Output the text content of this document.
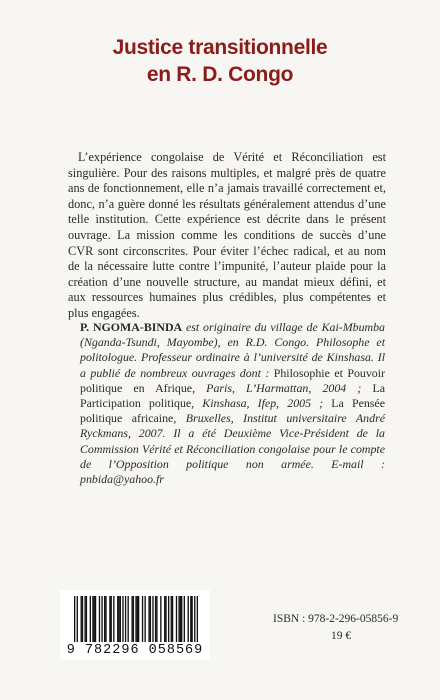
Justice transitionnelle
en R. D. Congo

L’expérience congolaise de Vérité et Réconciliation est singulière. Pour des raisons multiples, et malgré près de quatre ans de fonctionnement, elle n’a jamais travaillé correctement et, donc, n’a guère donné les résultats généralement attendus d’une telle institution. Cette expérience est décrite dans le présent ouvrage. La mission comme les conditions de succès d’une CVR sont circonscrites. Pour éviter l’échec radical, et au nom de la nécessaire lutte contre l’impunité, l’auteur plaide pour la création d’une nouvelle structure, au mandat mieux défini, et aux ressources humaines plus crédibles, plus compétentes et plus engagées.

P. NGOMA-BINDA est originaire du village de Kai-Mbumba (Nganda-Tsundi, Mayombe), en R.D. Congo. Philosophe et politologue. Professeur ordinaire à l’université de Kinshasa. Il a publié de nombreux ouvrages dont : Philosophie et Pouvoir politique en Afrique, Paris, L’Harmattan, 2004 ; La Participation politique, Kinshasa, Ifep, 2005 ; La Pensée politique africaine, Bruxelles, Institut universitaire André Ryckmans, 2007. Il a été Deuxième Vice-Président de la Commission Vérité et Réconciliation congolaise pour le compte de l’Opposition politique non armée. E-mail : pnbida@yahoo.fr

9 782296 058569
ISBN : 978-2-296-05856-9
19 €
